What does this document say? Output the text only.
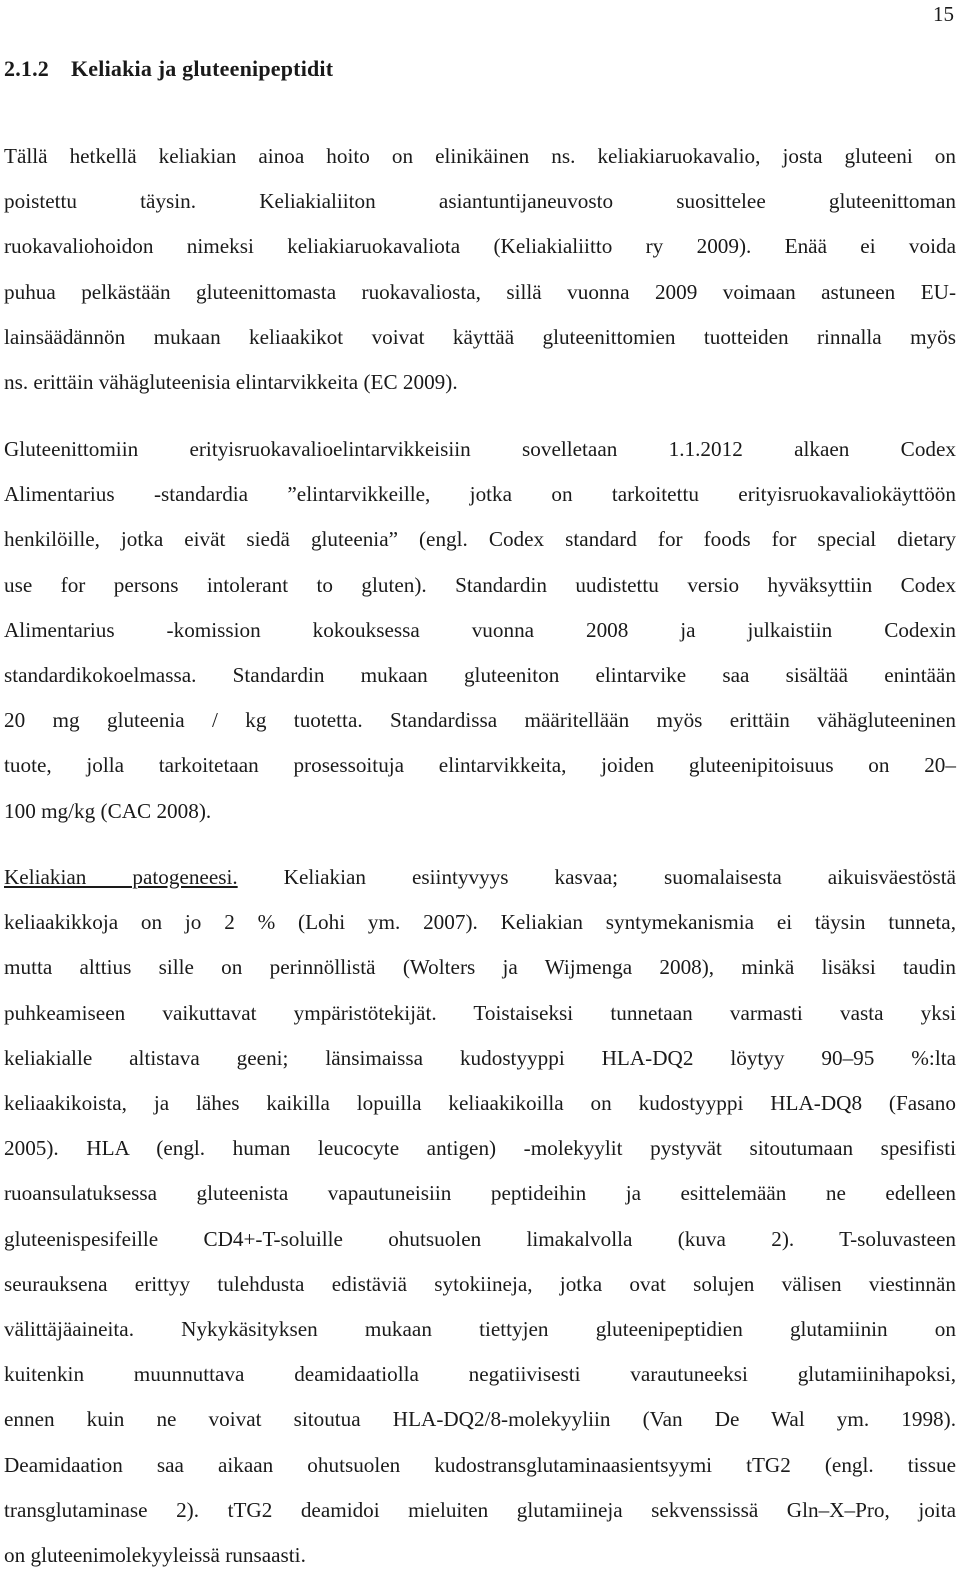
15
2.1.2 Keliakia ja gluteenipeptidit
Tällä hetkellä keliakian ainoa hoito on elinikäinen ns. keliakiaruokavalio, josta gluteeni on
poistettu täysin. Keliakialiiton asiantuntijaneuvosto suosittelee gluteenittoman
ruokavaliohoidon nimeksi keliakiaruokavaliota (Keliakialiitto ry 2009). Enää ei voida
puhua pelkästään gluteenittomasta ruokavaliosta, sillä vuonna 2009 voimaan astuneen EU-
lainsäädännön mukaan keliaakikot voivat käyttää gluteenittomien tuotteiden rinnalla myös
ns. erittäin vähägluteenisia elintarvikkeita (EC 2009).
Gluteenittomiin erityisruokavalioelintarvikkeisiin sovelletaan 1.1.2012 alkaen Codex
Alimentarius -standardia ”elintarvikkeille, jotka on tarkoitettu erityisruokavaliokäyttöön
henkilöille, jotka eivät siedä gluteenia” (engl. Codex standard for foods for special dietary
use for persons intolerant to gluten). Standardin uudistettu versio hyväksyttiin Codex
Alimentarius -komission kokouksessa vuonna 2008 ja julkaistiin Codexin
standardikokoelmassa. Standardin mukaan gluteeniton elintarvike saa sisältää enintään
20 mg gluteenia / kg tuotetta. Standardissa määritellään myös erittäin vähägluteeninen
tuote, jolla tarkoitetaan prosessoituja elintarvikkeita, joiden gluteenipitoisuus on 20–
100 mg/kg (CAC 2008).
Keliakian patogeneesi. Keliakian esiintyvyys kasvaa; suomalaisesta aikuisväestöstä
keliaakikkoja on jo 2 % (Lohi ym. 2007). Keliakian syntymekanismia ei täysin tunneta,
mutta alttius sille on perinnöllistä (Wolters ja Wijmenga 2008), minkä lisäksi taudin
puhkeamiseen vaikuttavat ympäristötekijät. Toistaiseksi tunnetaan varmasti vasta yksi
keliakialle altistava geeni; länsimaissa kudostyyppi HLA-DQ2 löytyy 90–95 %:lta
keliaakikoista, ja lähes kaikilla lopuilla keliaakikoilla on kudostyyppi HLA-DQ8 (Fasano
2005). HLA (engl. human leucocyte antigen) -molekyylit pystyvät sitoutumaan spesifisti
ruoansulatuksessa gluteenista vapautuneisiin peptideihin ja esittelemään ne edelleen
gluteenispesifeille CD4+-T-soluille ohutsuolen limakalvolla (kuva 2). T-soluvasteen
seurauksena erittyy tulehdusta edistäviä sytokiineja, jotka ovat solujen välisen viestinnän
välittäjäaineita. Nykykäsityksen mukaan tiettyjen gluteenipeptidien glutamiinin on
kuitenkin muunnuttava deamidaatiolla negatiivisesti varautuneeksi glutamiinihapoksi,
ennen kuin ne voivat sitoutua HLA-DQ2/8-molekyyliin (Van De Wal ym. 1998).
Deamidaation saa aikaan ohutsuolen kudostransglutaminaasientsyymi tTG2 (engl. tissue
transglutaminase 2). tTG2 deamidoi mieluiten glutamiineja sekvenssissä Gln–X–Pro, joita
on gluteenimolekyyleissä runsaasti.
